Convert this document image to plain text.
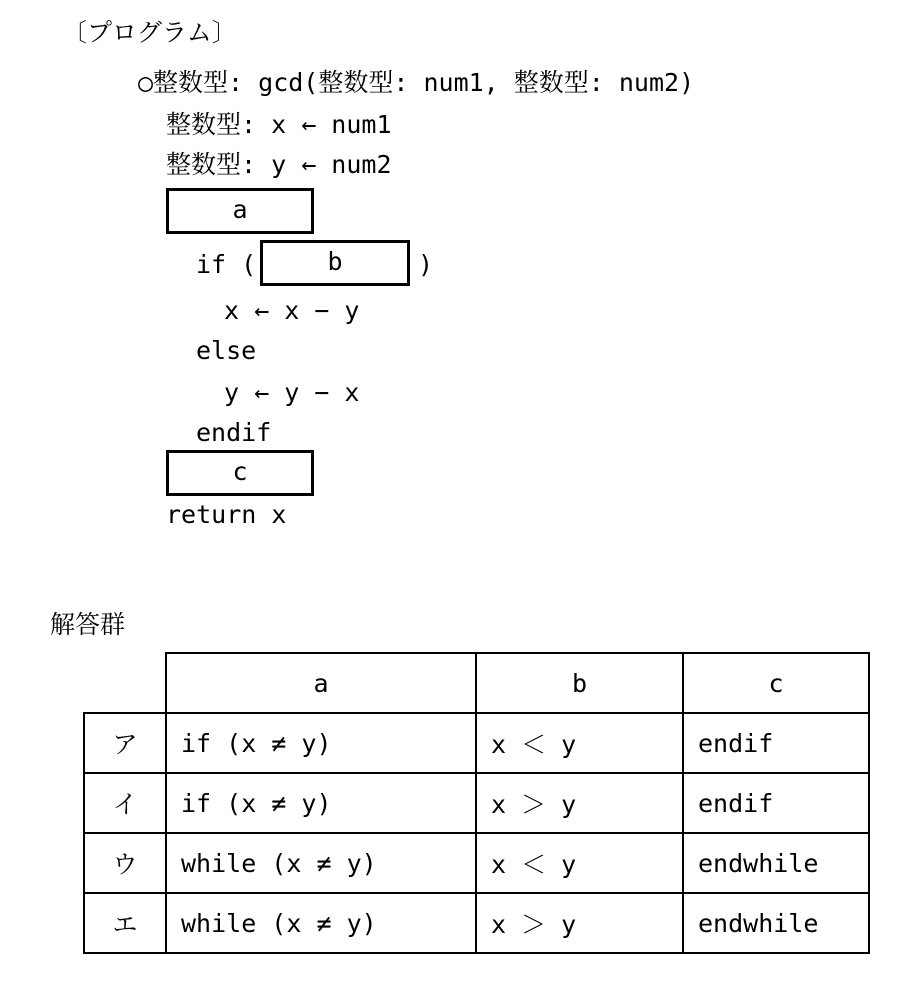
〔プログラム〕
○整数型: gcd(整数型: num1, 整数型: num2)
整数型: x ← num1
整数型: y ← num2
a
if (	b	)
x ← x − y
else
y ← y − x
endif
c
return x
解答群
	a	b	c
ア	if (x ≠ y)	x ＜ y	endif
イ	if (x ≠ y)	x ＞ y	endif
ウ	while (x ≠ y)	x ＜ y	endwhile
エ	while (x ≠ y)	x ＞ y	endwhile
